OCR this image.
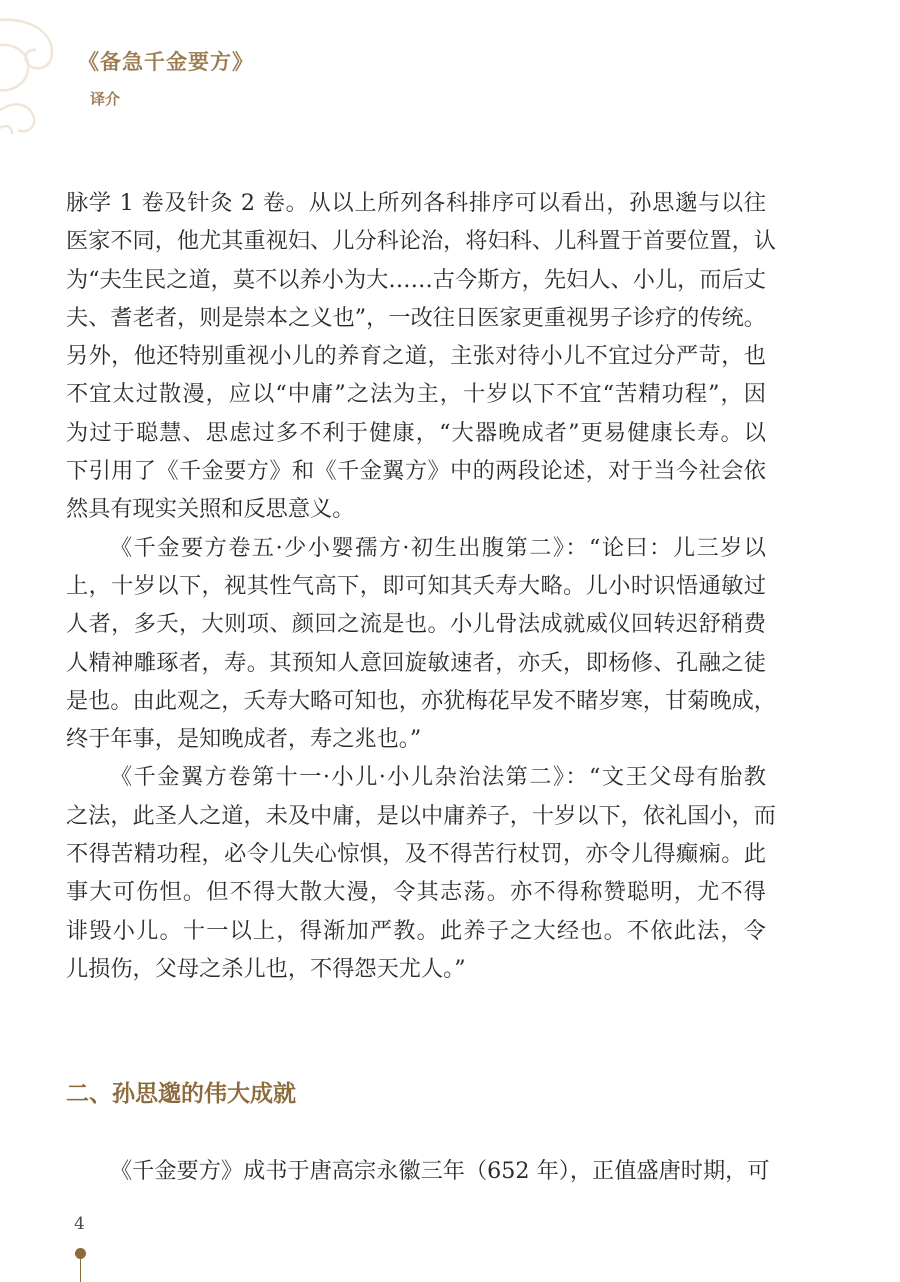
《备急千金要方》
译介

脉学 1 卷及针灸 2 卷。从以上所列各科排序可以看出，孙思邈与以往
医家不同，他尤其重视妇、儿分科论治，将妇科、儿科置于首要位置，认
为“夫生民之道，莫不以养小为大……古今斯方，先妇人、小儿，而后丈
夫、耆老者，则是崇本之义也”，一改往日医家更重视男子诊疗的传统。
另外，他还特别重视小儿的养育之道，主张对待小儿不宜过分严苛，也
不宜太过散漫，应以“中庸”之法为主，十岁以下不宜“苦精功程”，因
为过于聪慧、思虑过多不利于健康，“大器晚成者”更易健康长寿。以
下引用了《千金要方》和《千金翼方》中的两段论述，对于当今社会依
然具有现实关照和反思意义。

《千金要方卷五·少小婴孺方·初生出腹第二》：“论曰：儿三岁以
上，十岁以下，视其性气高下，即可知其夭寿大略。儿小时识悟通敏过
人者，多夭，大则项、颜回之流是也。小儿骨法成就威仪回转迟舒稍费
人精神雕琢者，寿。其预知人意回旋敏速者，亦夭，即杨修、孔融之徒
是也。由此观之，夭寿大略可知也，亦犹梅花早发不睹岁寒，甘菊晚成，
终于年事，是知晚成者，寿之兆也。”

《千金翼方卷第十一·小儿·小儿杂治法第二》：“文王父母有胎教
之法，此圣人之道，未及中庸，是以中庸养子，十岁以下，依礼国小，而
不得苦精功程，必令儿失心惊惧，及不得苦行杖罚，亦令儿得癫痫。此
事大可伤怛。但不得大散大漫，令其志荡。亦不得称赞聪明，尤不得
诽毁小儿。十一以上，得渐加严教。此养子之大经也。不依此法，令
儿损伤，父母之杀儿也，不得怨天尤人。”

二、孙思邈的伟大成就

《千金要方》成书于唐高宗永徽三年（652 年），正值盛唐时期，可

4
